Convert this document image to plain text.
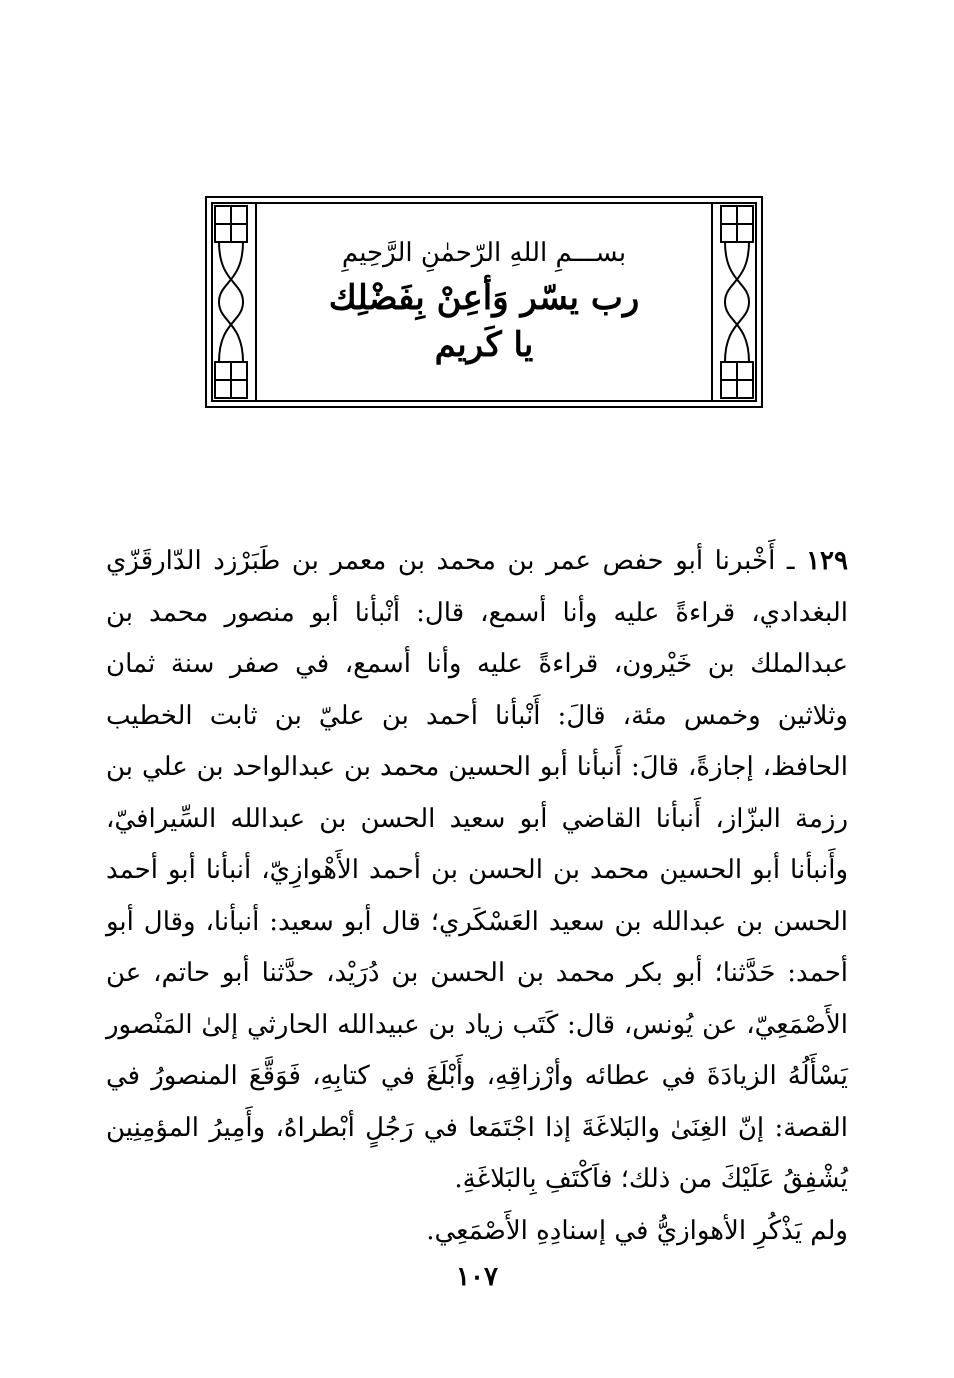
بســـمِ اللهِ الرّحمٰنِ الرَّحِيمِ
رب يسّر وَأعِنْ بِفَضْلِك
يا كَريم

١٢٩ ـ أَخْبرنا أبو حفص عمر بن محمد بن معمر بن طَبَرْزد الدّارقَزّي البغدادي، قراءةً عليه وأنا أسمع، قال: أنْبأنا أبو منصور محمد بن عبدالملك بن خَيْرون، قراءةً عليه وأنا أسمع، في صفر سنة ثمان وثلاثين وخمس مئة، قالَ: أَنْبأنا أحمد بن عليّ بن ثابت الخطيب الحافظ، إجازةً، قالَ: أَنبأنا أبو الحسين محمد بن عبدالواحد بن علي بن رزمة البزّاز، أَنبأنا القاضي أبو سعيد الحسن بن عبدالله السِّيرافيّ، وأَنبأنا أبو الحسين محمد بن الحسن بن أحمد الأَهْوازِيّ، أنبأنا أبو أحمد الحسن بن عبدالله بن سعيد العَسْكَري؛ قال أبو سعيد: أنبأنا، وقال أبو أحمد: حَدَّثنا؛ أبو بكر محمد بن الحسن بن دُرَيْد، حدَّثنا أبو حاتم، عن الأَصْمَعِيّ، عن يُونس، قال: كَتَب زياد بن عبيدالله الحارثي إلىٰ المَنْصور يَسْأَلُهُ الزيادَةَ في عطائه وأرْزاقِهِ، وأَبْلَغَ في كتابِهِ، فَوَقَّعَ المنصورُ في القصة: إنّ الغِنَىٰ والبَلاغَةَ إذا اجْتَمَعا في رَجُلٍ أبْطراهُ، وأَمِيرُ المؤمِنِين يُشْفِقُ عَلَيْكَ من ذلك؛ فاَكْتَفِ بِالبَلاغَةِ.

ولم يَذْكُرِ الأهوازيُّ في إسنادِهِ الأَصْمَعِي.

١٠٧
